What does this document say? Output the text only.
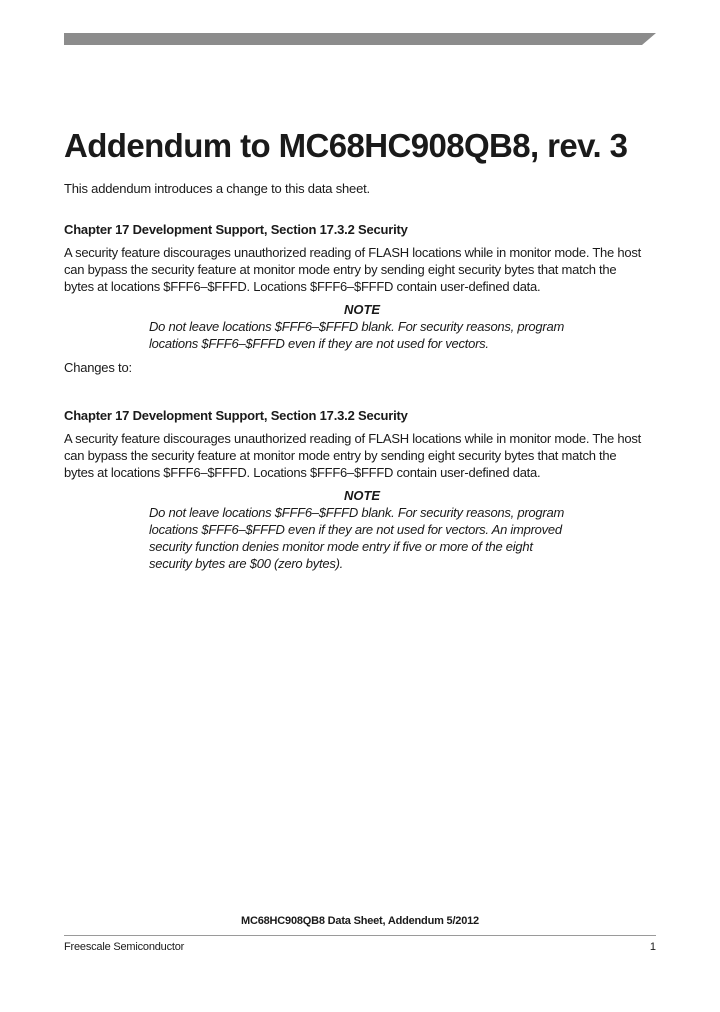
Addendum to MC68HC908QB8, rev. 3
This addendum introduces a change to this data sheet.
Chapter 17 Development Support, Section 17.3.2 Security
A security feature discourages unauthorized reading of FLASH locations while in monitor mode. The host
can bypass the security feature at monitor mode entry by sending eight security bytes that match the
bytes at locations $FFF6–$FFFD. Locations $FFF6–$FFFD contain user-defined data.
NOTE
Do not leave locations $FFF6–$FFFD blank. For security reasons, program
locations $FFF6–$FFFD even if they are not used for vectors.
Changes to:
Chapter 17 Development Support, Section 17.3.2 Security
A security feature discourages unauthorized reading of FLASH locations while in monitor mode. The host
can bypass the security feature at monitor mode entry by sending eight security bytes that match the
bytes at locations $FFF6–$FFFD. Locations $FFF6–$FFFD contain user-defined data.
NOTE
Do not leave locations $FFF6–$FFFD blank. For security reasons, program
locations $FFF6–$FFFD even if they are not used for vectors. An improved
security function denies monitor mode entry if five or more of the eight
security bytes are $00 (zero bytes).
MC68HC908QB8 Data Sheet, Addendum 5/2012
Freescale Semiconductor	1
